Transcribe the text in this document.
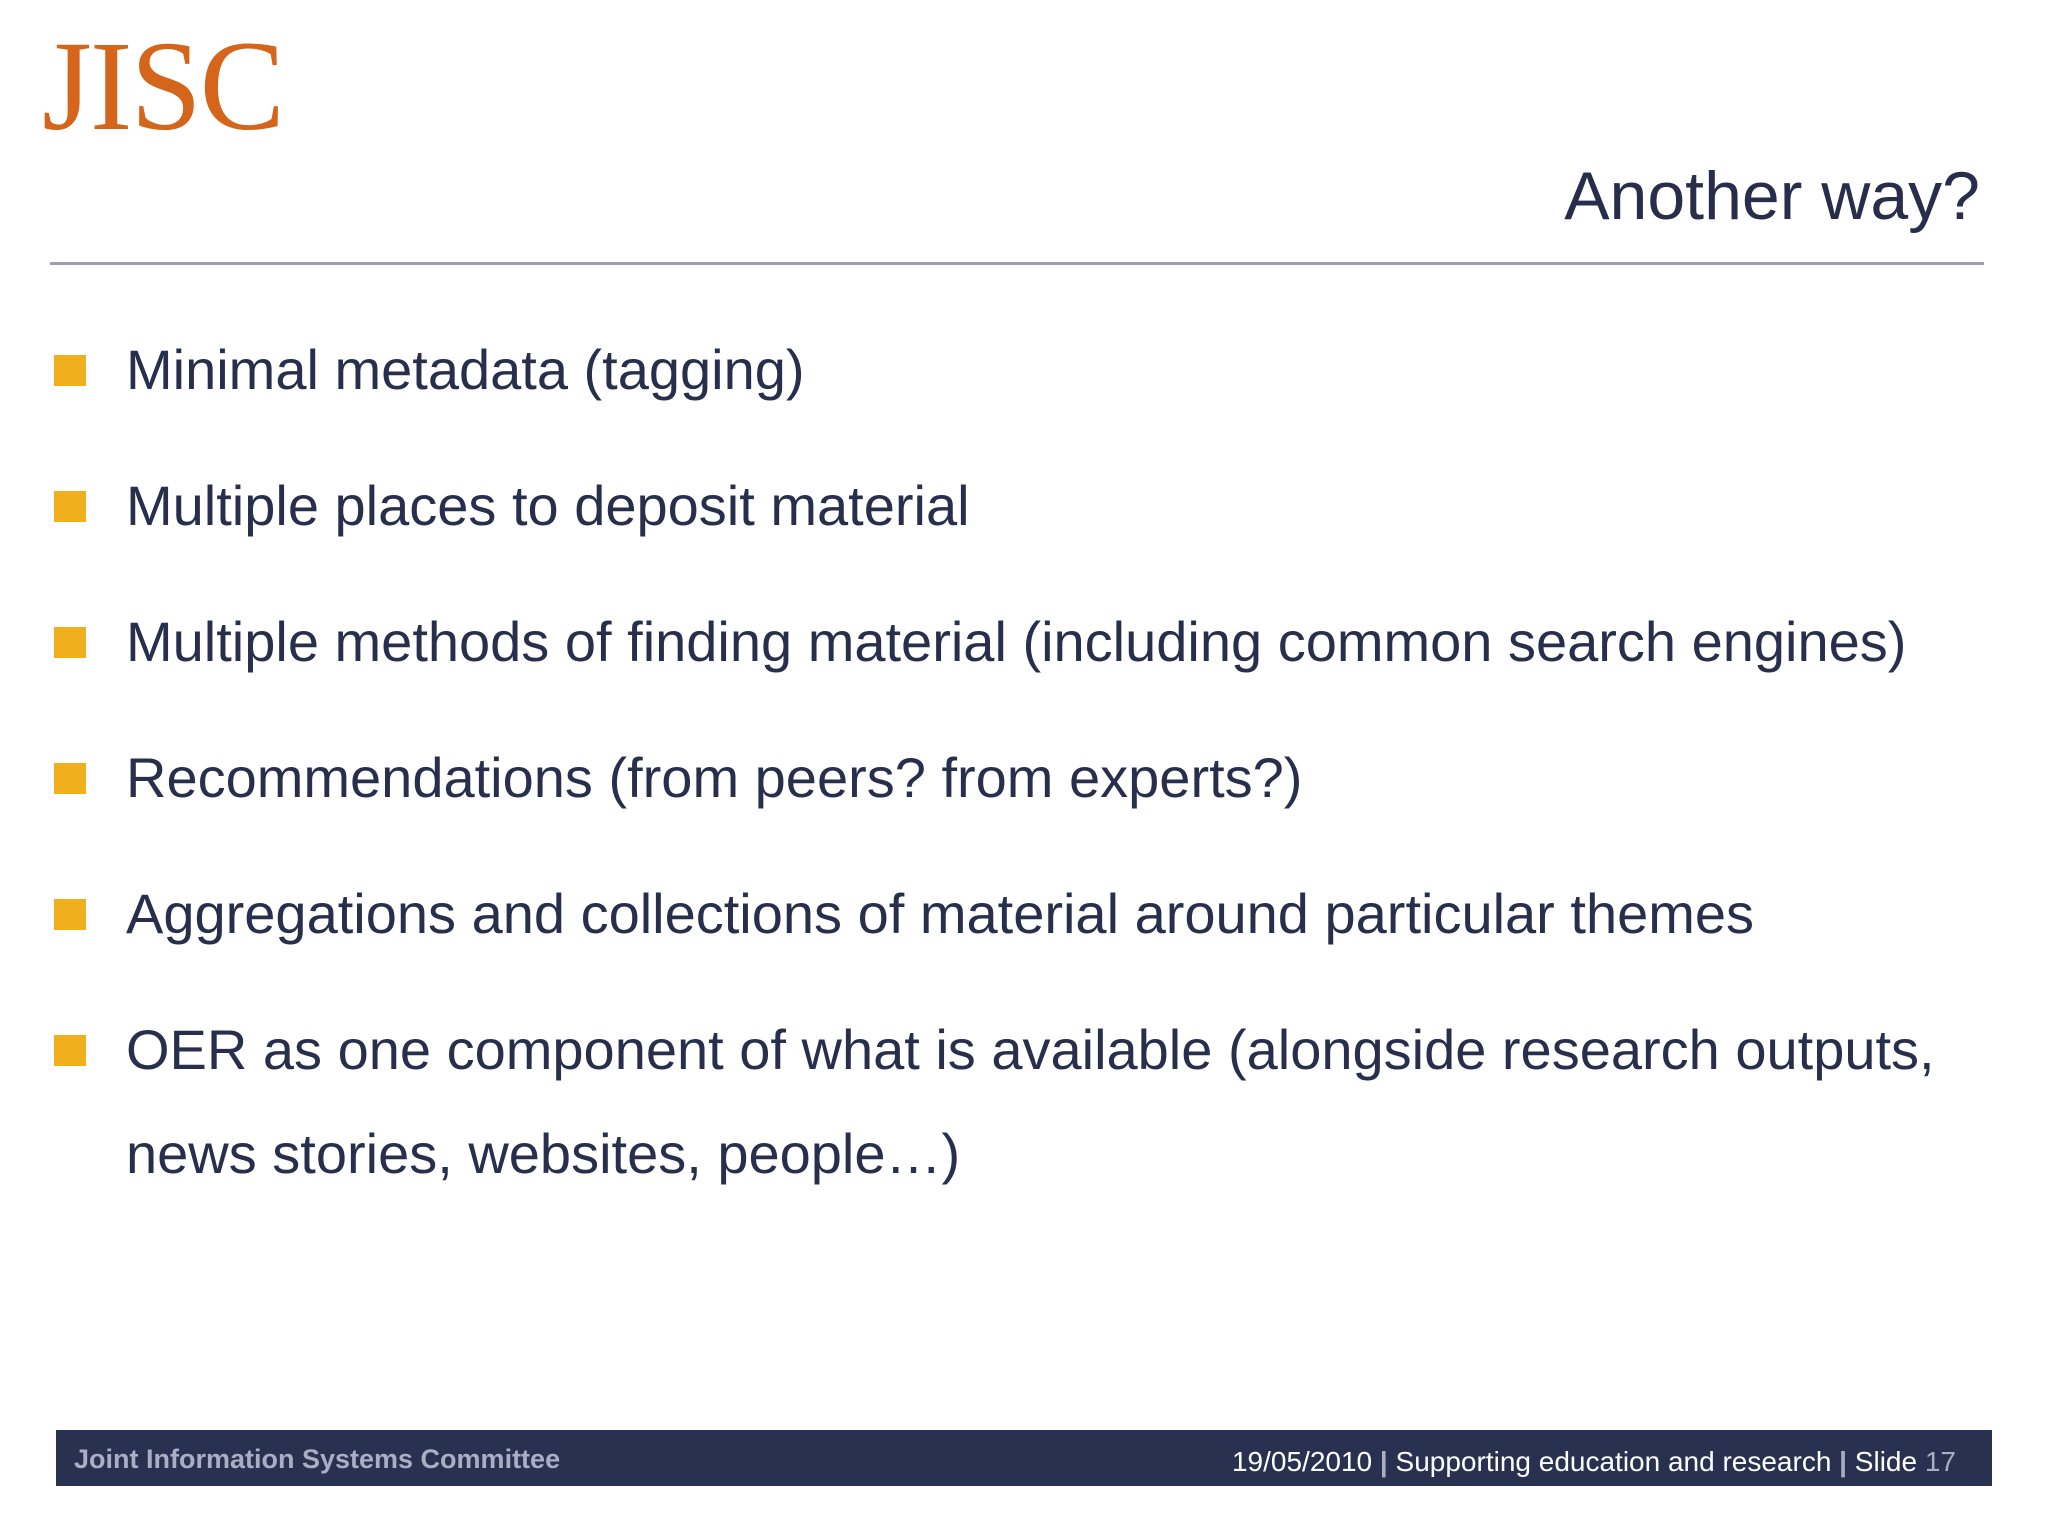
JISC
Another way?
Minimal metadata (tagging)
Multiple places to deposit material
Multiple methods of finding material (including common search engines)
Recommendations (from peers? from experts?)
Aggregations and collections of material around particular themes
OER as one component of what is available (alongside research outputs, news stories, websites, people…)
Joint Information Systems Committee	19/05/2010 | Supporting education and research | Slide 17
